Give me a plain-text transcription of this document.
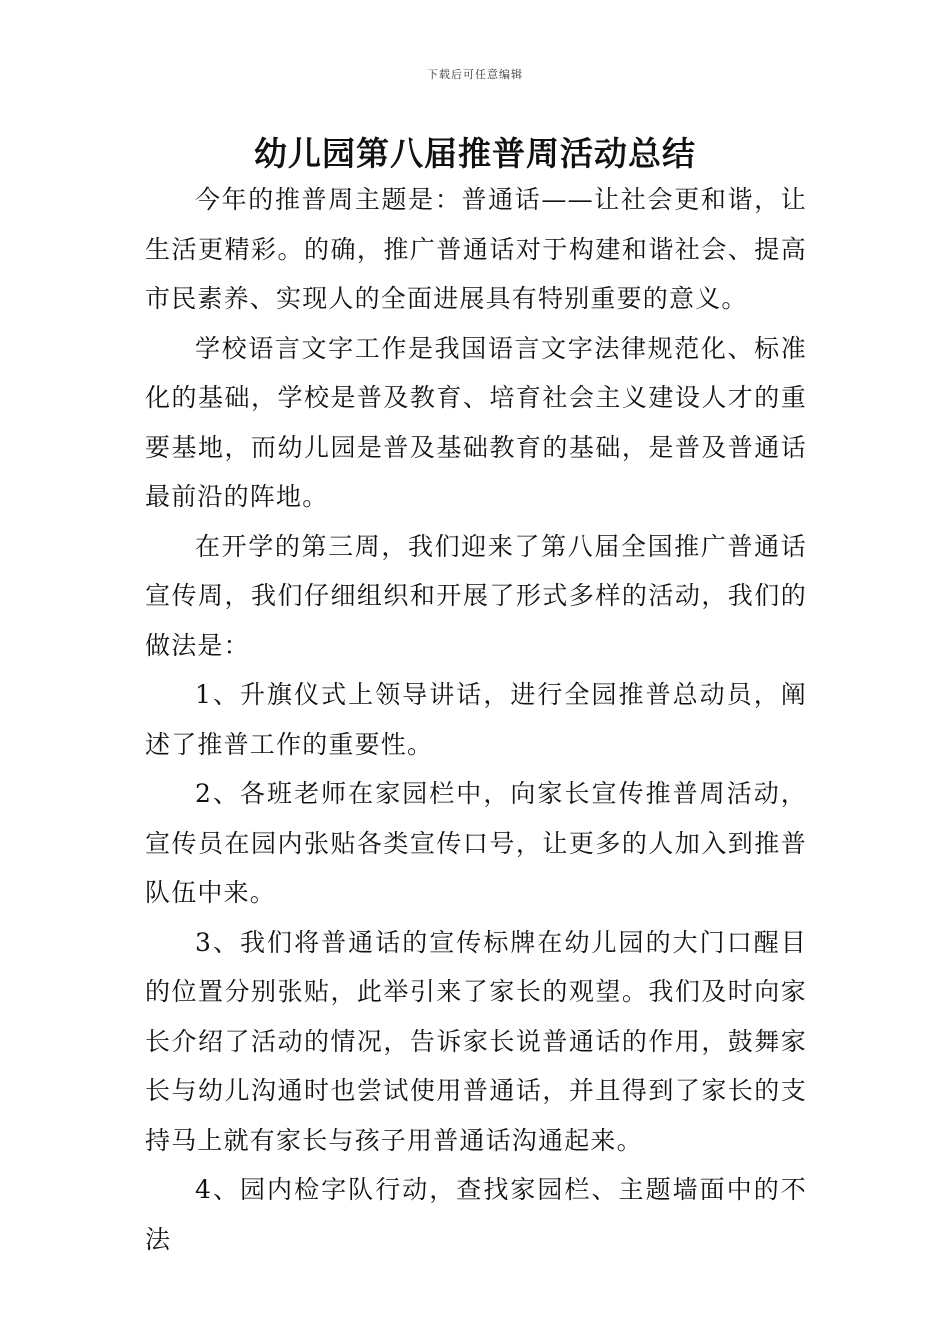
下载后可任意编辑
幼儿园第八届推普周活动总结

今年的推普周主题是：普通话——让社会更和谐，让生活更精彩。的确，推广普通话对于构建和谐社会、提高市民素养、实现人的全面进展具有特别重要的意义。

学校语言文字工作是我国语言文字法律规范化、标准化的基础，学校是普及教育、培育社会主义建设人才的重要基地，而幼儿园是普及基础教育的基础，是普及普通话最前沿的阵地。

在开学的第三周，我们迎来了第八届全国推广普通话宣传周，我们仔细组织和开展了形式多样的活动，我们的做法是：

1、升旗仪式上领导讲话，进行全园推普总动员，阐述了推普工作的重要性。

2、各班老师在家园栏中，向家长宣传推普周活动，宣传员在园内张贴各类宣传口号，让更多的人加入到推普队伍中来。

3、我们将普通话的宣传标牌在幼儿园的大门口醒目的位置分别张贴，此举引来了家长的观望。我们及时向家长介绍了活动的情况，告诉家长说普通话的作用，鼓舞家长与幼儿沟通时也尝试使用普通话，并且得到了家长的支持马上就有家长与孩子用普通话沟通起来。

4、园内检字队行动，查找家园栏、主题墙面中的不法
